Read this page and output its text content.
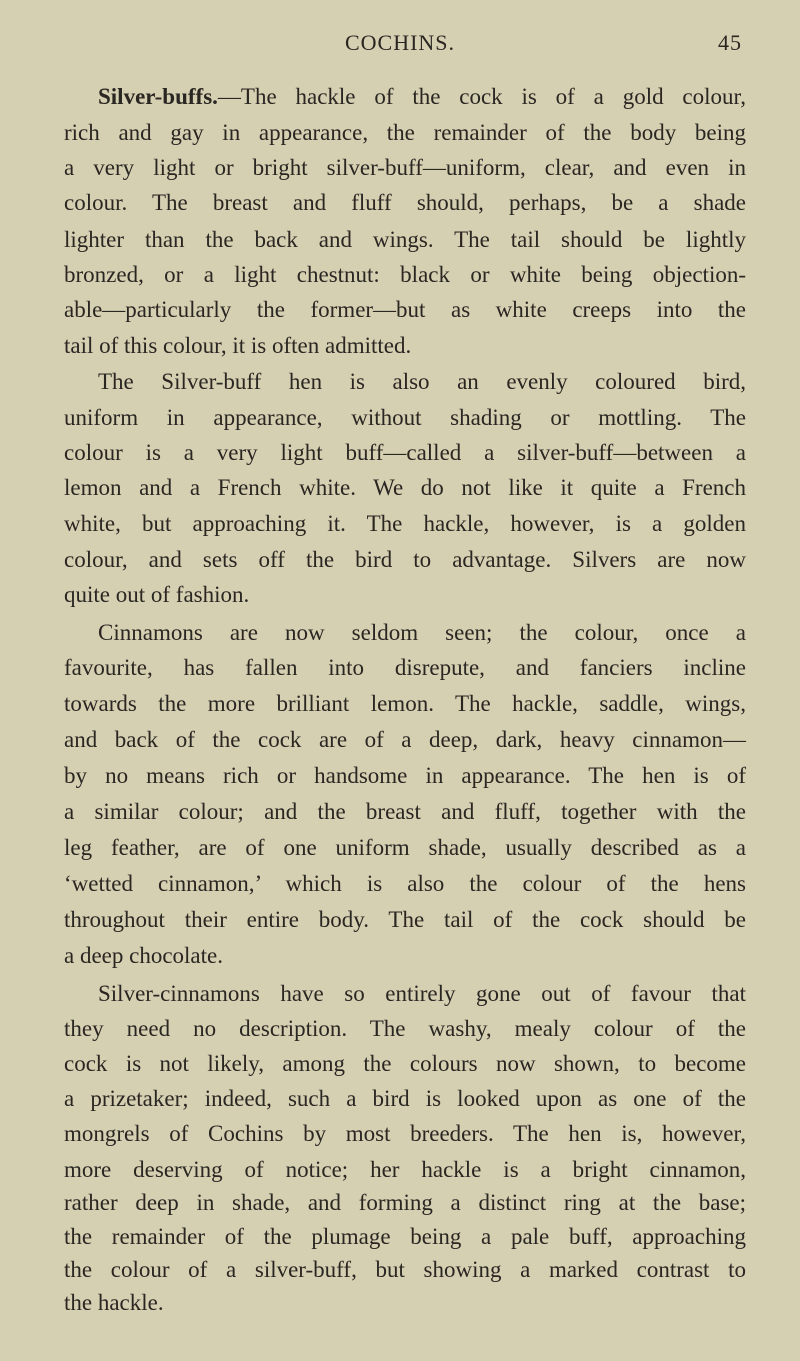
COCHINS.	45
Silver-buffs.—The hackle of the cock is of a gold colour,
rich and gay in appearance, the remainder of the body being
a very light or bright silver-buff—uniform, clear, and even in
colour. The breast and fluff should, perhaps, be a shade
lighter than the back and wings. The tail should be lightly
bronzed, or a light chestnut: black or white being objection-
able—particularly the former—but as white creeps into the
tail of this colour, it is often admitted.
The Silver-buff hen is also an evenly coloured bird,
uniform in appearance, without shading or mottling. The
colour is a very light buff—called a silver-buff—between a
lemon and a French white. We do not like it quite a French
white, but approaching it. The hackle, however, is a golden
colour, and sets off the bird to advantage. Silvers are now
quite out of fashion.
Cinnamons are now seldom seen; the colour, once a
favourite, has fallen into disrepute, and fanciers incline
towards the more brilliant lemon. The hackle, saddle, wings,
and back of the cock are of a deep, dark, heavy cinnamon—
by no means rich or handsome in appearance. The hen is of
a similar colour; and the breast and fluff, together with the
leg feather, are of one uniform shade, usually described as a
‘wetted cinnamon,’ which is also the colour of the hens
throughout their entire body. The tail of the cock should be
a deep chocolate.
Silver-cinnamons have so entirely gone out of favour that
they need no description. The washy, mealy colour of the
cock is not likely, among the colours now shown, to become
a prizetaker; indeed, such a bird is looked upon as one of the
mongrels of Cochins by most breeders. The hen is, however,
more deserving of notice; her hackle is a bright cinnamon,
rather deep in shade, and forming a distinct ring at the base;
the remainder of the plumage being a pale buff, approaching
the colour of a silver-buff, but showing a marked contrast to
the hackle.
